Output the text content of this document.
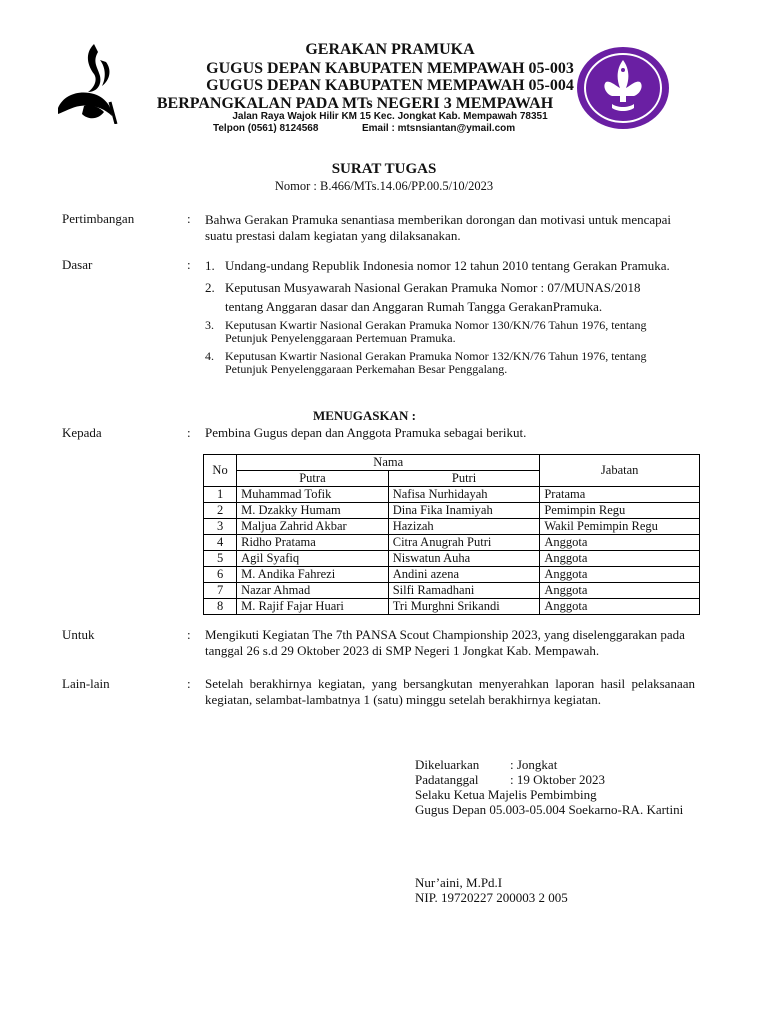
GERAKAN PRAMUKA
GUGUS DEPAN KABUPATEN MEMPAWAH 05-003
GUGUS DEPAN KABUPATEN MEMPAWAH 05-004
BERPANGKALAN PADA MTs NEGERI 3 MEMPAWAH
Jalan Raya Wajok Hilir KM 15 Kec. Jongkat Kab. Mempawah 78351
Telpon (0561) 8124568	Email : mtsnsiantan@ymail.com
SURAT TUGAS
Nomor : B.466/MTs.14.06/PP.00.5/10/2023
Pertimbangan	: Bahwa Gerakan Pramuka senantiasa memberikan dorongan dan motivasi untuk mencapai suatu prestasi dalam kegiatan yang dilaksanakan.
Dasar	: 1. Undang-undang Republik Indonesia nomor 12 tahun 2010 tentang Gerakan Pramuka.
2. Keputusan Musyawarah Nasional Gerakan Pramuka Nomor : 07/MUNAS/2018 tentang Anggaran dasar dan Anggaran Rumah Tangga GerakanPramuka.
3. Keputusan Kwartir Nasional Gerakan Pramuka Nomor 130/KN/76 Tahun 1976, tentang Petunjuk Penyelenggaraan Pertemuan Pramuka.
4. Keputusan Kwartir Nasional Gerakan Pramuka Nomor 132/KN/76 Tahun 1976, tentang Petunjuk Penyelenggaraan Perkemahan Besar Penggalang.
MENUGASKAN :
Kepada	: Pembina Gugus depan dan Anggota Pramuka sebagai berikut.
No	Nama		Jabatan
	Putra	Putri	
1	Muhammad Tofik	Nafisa Nurhidayah	Pratama
2	M. Dzakky Humam	Dina Fika Inamiyah	Pemimpin Regu
3	Maljua Zahrid Akbar	Hazizah	Wakil Pemimpin Regu
4	Ridho Pratama	Citra Anugrah Putri	Anggota
5	Agil Syafiq	Niswatun Auha	Anggota
6	M. Andika Fahrezi	Andini azena	Anggota
7	Nazar Ahmad	Silfi Ramadhani	Anggota
8	M. Rajif Fajar Huari	Tri Murghni Srikandi	Anggota
Untuk	: Mengikuti Kegiatan The 7th PANSA Scout Championship 2023, yang diselenggarakan pada tanggal 26 s.d 29 Oktober 2023 di SMP Negeri 1 Jongkat Kab. Mempawah.
Lain-lain	: Setelah berakhirnya kegiatan, yang bersangkutan menyerahkan laporan hasil pelaksanaan kegiatan, selambat-lambatnya 1 (satu) minggu setelah berakhirnya kegiatan.
Dikeluarkan : Jongkat
Padatanggal : 19 Oktober 2023
Selaku Ketua Majelis Pembimbing
Gugus Depan 05.003-05.004 Soekarno-RA. Kartini
Nur’aini, M.Pd.I
NIP. 19720227 200003 2 005
